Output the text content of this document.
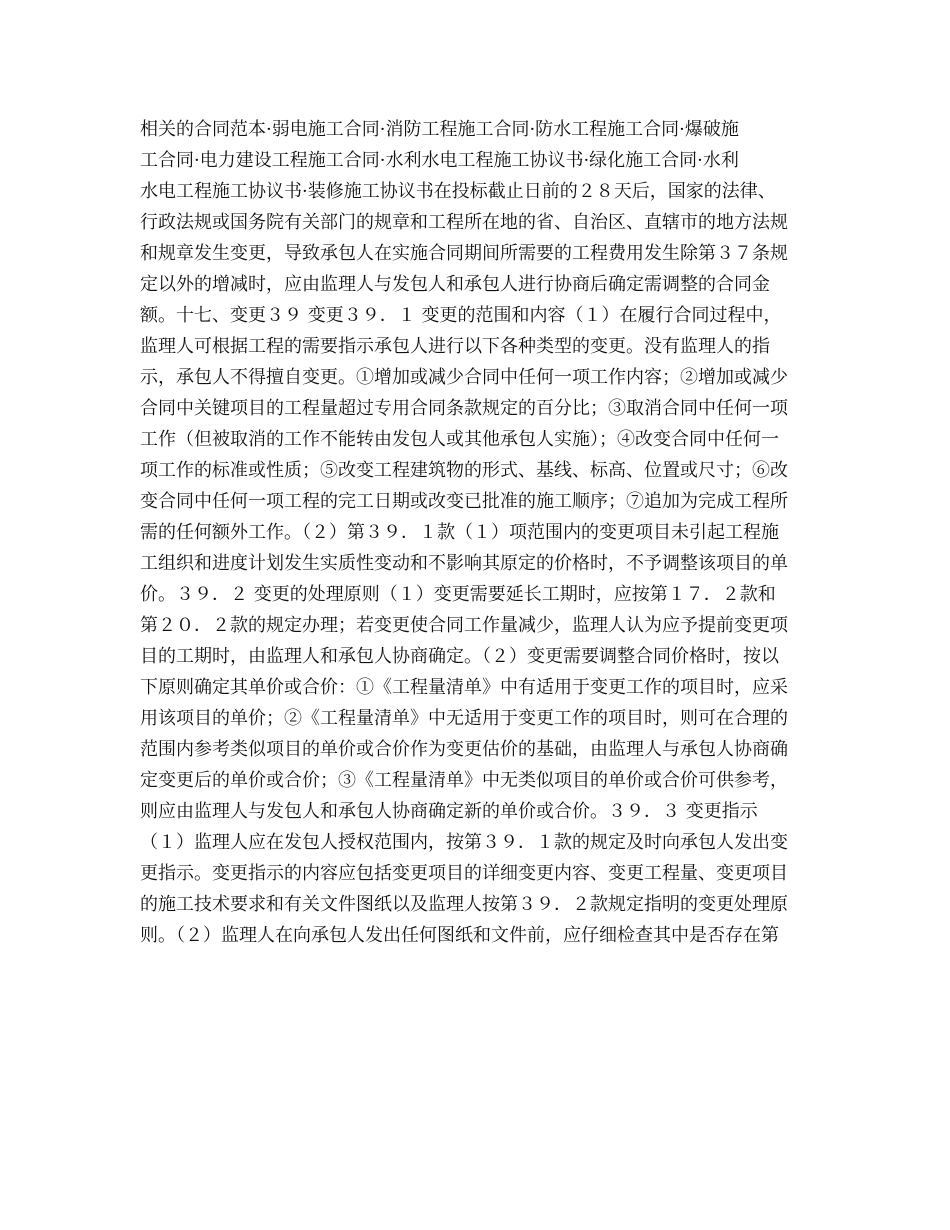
相关的合同范本·弱电施工合同·消防工程施工合同·防水工程施工合同·爆破施
工合同·电力建设工程施工合同·水利水电工程施工协议书·绿化施工合同·水利
水电工程施工协议书·装修施工协议书在投标截止日前的２８天后，国家的法律、
行政法规或国务院有关部门的规章和工程所在地的省、自治区、直辖市的地方法规
和规章发生变更，导致承包人在实施合同期间所需要的工程费用发生除第３７条规
定以外的增减时，应由监理人与发包人和承包人进行协商后确定需调整的合同金
额。十七、变更３９ 变更３９．１ 变更的范围和内容（１）在履行合同过程中，
监理人可根据工程的需要指示承包人进行以下各种类型的变更。没有监理人的指
示，承包人不得擅自变更。①增加或减少合同中任何一项工作内容；②增加或减少
合同中关键项目的工程量超过专用合同条款规定的百分比；③取消合同中任何一项
工作（但被取消的工作不能转由发包人或其他承包人实施）；④改变合同中任何一
项工作的标准或性质；⑤改变工程建筑物的形式、基线、标高、位置或尺寸；⑥改
变合同中任何一项工程的完工日期或改变已批准的施工顺序；⑦追加为完成工程所
需的任何额外工作。（２）第３９．１款（１）项范围内的变更项目未引起工程施
工组织和进度计划发生实质性变动和不影响其原定的价格时，不予调整该项目的单
价。３９．２ 变更的处理原则（１）变更需要延长工期时，应按第１７．２款和
第２０．２款的规定办理；若变更使合同工作量减少，监理人认为应予提前变更项
目的工期时，由监理人和承包人协商确定。（２）变更需要调整合同价格时，按以
下原则确定其单价或合价：①《工程量清单》中有适用于变更工作的项目时，应采
用该项目的单价；②《工程量清单》中无适用于变更工作的项目时，则可在合理的
范围内参考类似项目的单价或合价作为变更估价的基础，由监理人与承包人协商确
定变更后的单价或合价；③《工程量清单》中无类似项目的单价或合价可供参考，
则应由监理人与发包人和承包人协商确定新的单价或合价。３９．３ 变更指示
（１）监理人应在发包人授权范围内，按第３９．１款的规定及时向承包人发出变
更指示。变更指示的内容应包括变更项目的详细变更内容、变更工程量、变更项目
的施工技术要求和有关文件图纸以及监理人按第３９．２款规定指明的变更处理原
则。（２）监理人在向承包人发出任何图纸和文件前，应仔细检查其中是否存在第
